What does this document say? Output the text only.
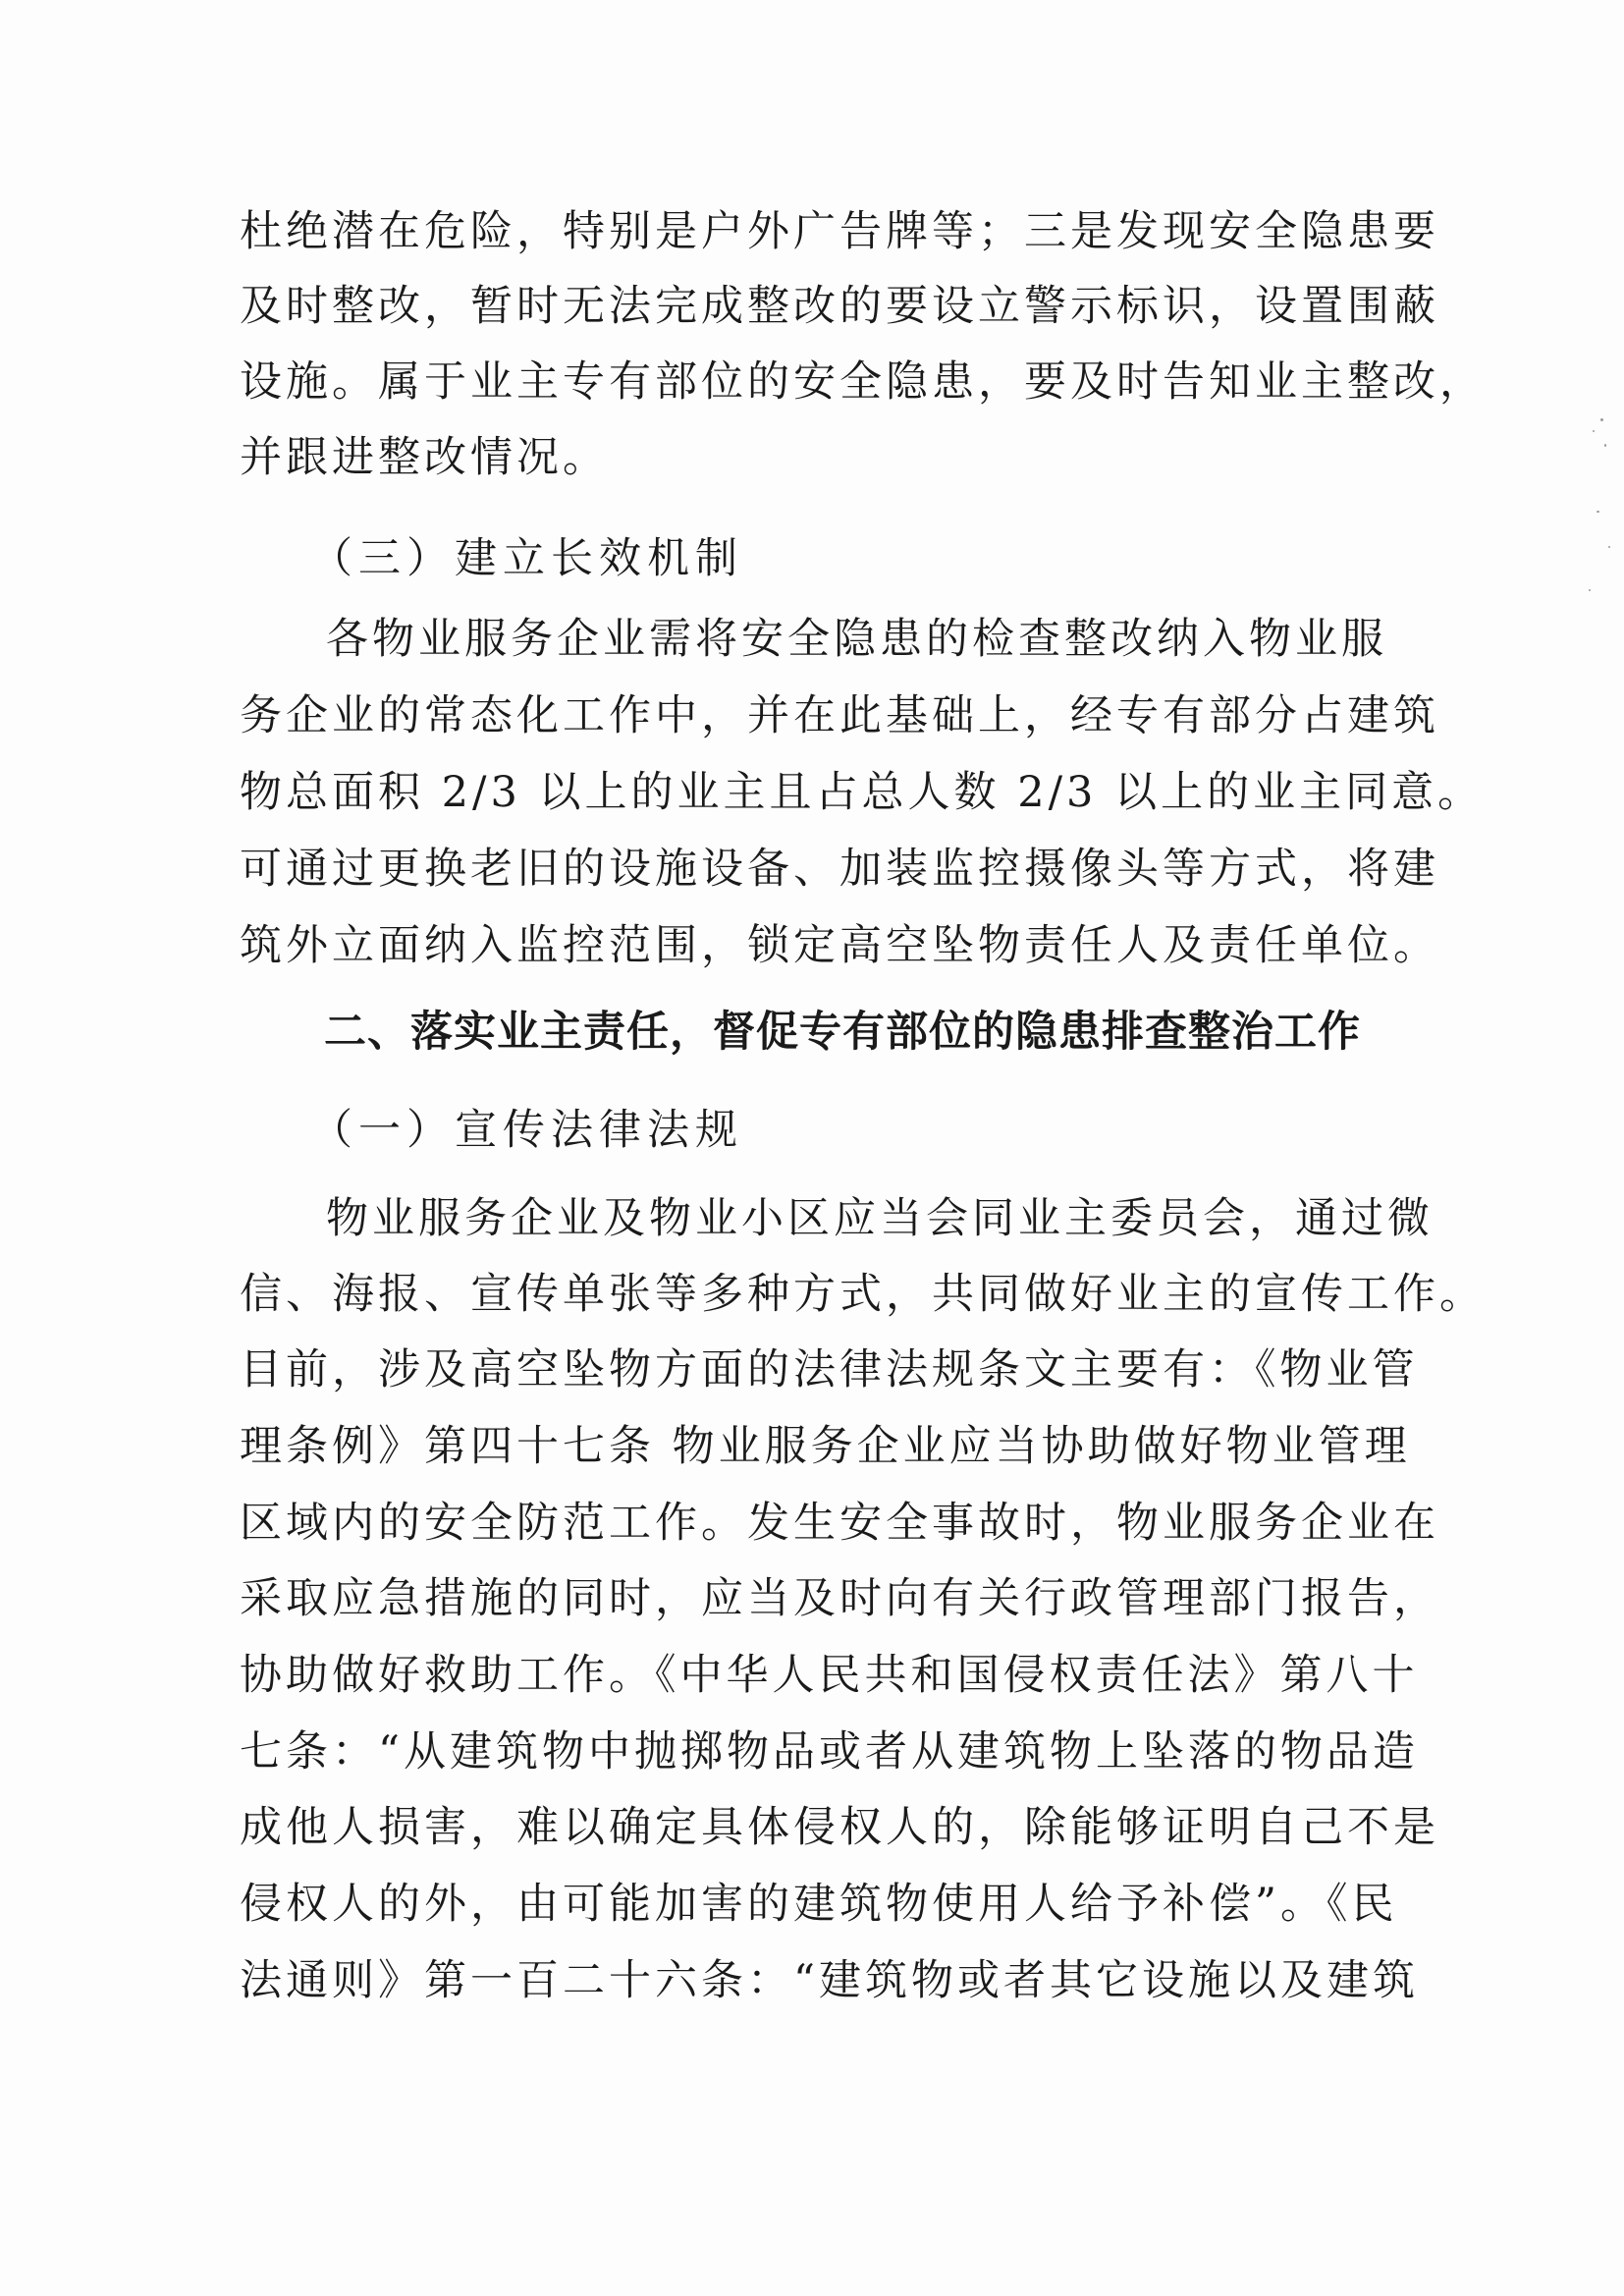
杜绝潜在危险，特别是户外广告牌等；三是发现安全隐患要
及时整改，暂时无法完成整改的要设立警示标识，设置围蔽
设施。属于业主专有部位的安全隐患，要及时告知业主整改，
并跟进整改情况。
（三）建立长效机制
各物业服务企业需将安全隐患的检查整改纳入物业服
务企业的常态化工作中，并在此基础上，经专有部分占建筑
物总面积 2/3 以上的业主且占总人数 2/3 以上的业主同意。
可通过更换老旧的设施设备、加装监控摄像头等方式，将建
筑外立面纳入监控范围，锁定高空坠物责任人及责任单位。
二、落实业主责任，督促专有部位的隐患排查整治工作
（一）宣传法律法规
物业服务企业及物业小区应当会同业主委员会，通过微
信、海报、宣传单张等多种方式，共同做好业主的宣传工作。
目前，涉及高空坠物方面的法律法规条文主要有：《物业管
理条例》第四十七条 物业服务企业应当协助做好物业管理
区域内的安全防范工作。发生安全事故时，物业服务企业在
采取应急措施的同时，应当及时向有关行政管理部门报告，
协助做好救助工作。《中华人民共和国侵权责任法》第八十
七条：“从建筑物中抛掷物品或者从建筑物上坠落的物品造
成他人损害，难以确定具体侵权人的，除能够证明自己不是
侵权人的外，由可能加害的建筑物使用人给予补偿”。《民
法通则》第一百二十六条：“建筑物或者其它设施以及建筑
